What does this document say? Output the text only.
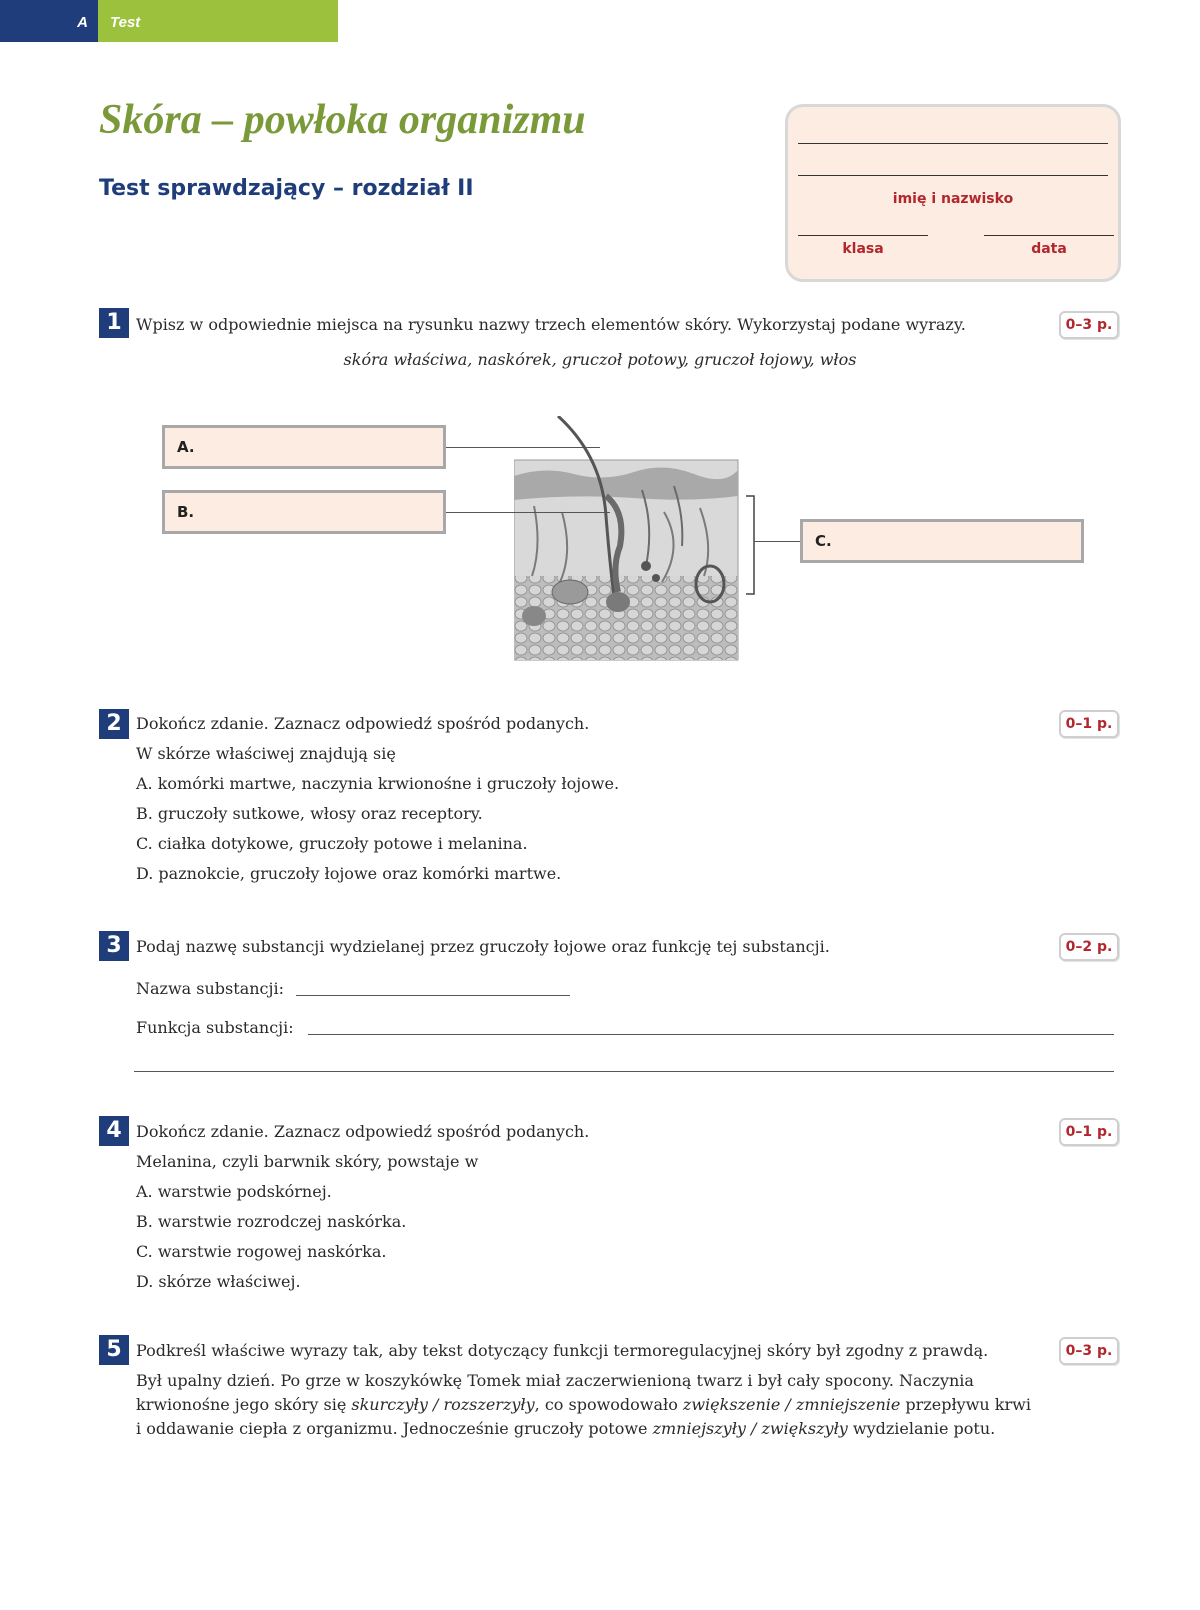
A Test
Skóra – powłoka organizmu
Test sprawdzający – rozdział II	imię i nazwisko
klasa	data
1 Wpisz w odpowiednie miejsca na rysunku nazwy trzech elementów skóry. Wykorzystaj podane wyrazy.	0–3 p.
skóra właściwa, naskórek, gruczoł potowy, gruczoł łojowy, włos
A.
B.
C.
2 Dokończ zdanie. Zaznacz odpowiedź spośród podanych.	0–1 p.
W skórze właściwej znajdują się
A. komórki martwe, naczynia krwionośne i gruczoły łojowe.
B. gruczoły sutkowe, włosy oraz receptory.
C. ciałka dotykowe, gruczoły potowe i melanina.
D. paznokcie, gruczoły łojowe oraz komórki martwe.
3 Podaj nazwę substancji wydzielanej przez gruczoły łojowe oraz funkcję tej substancji.	0–2 p.
Nazwa substancji:
Funkcja substancji:
4 Dokończ zdanie. Zaznacz odpowiedź spośród podanych.	0–1 p.
Melanina, czyli barwnik skóry, powstaje w
A. warstwie podskórnej.
B. warstwie rozrodczej naskórka.
C. warstwie rogowej naskórka.
D. skórze właściwej.
5 Podkreśl właściwe wyrazy tak, aby tekst dotyczący funkcji termoregulacyjnej skóry był zgodny z prawdą.	0–3 p.
Był upalny dzień. Po grze w koszykówkę Tomek miał zaczerwienioną twarz i był cały spocony. Naczynia krwionośne jego skóry się skurczyły / rozszerzyły, co spowodowało zwiększenie / zmniejszenie przepływu krwi i oddawanie ciepła z organizmu. Jednocześnie gruczoły potowe zmniejszyły / zwiększyły wydzielanie potu.
